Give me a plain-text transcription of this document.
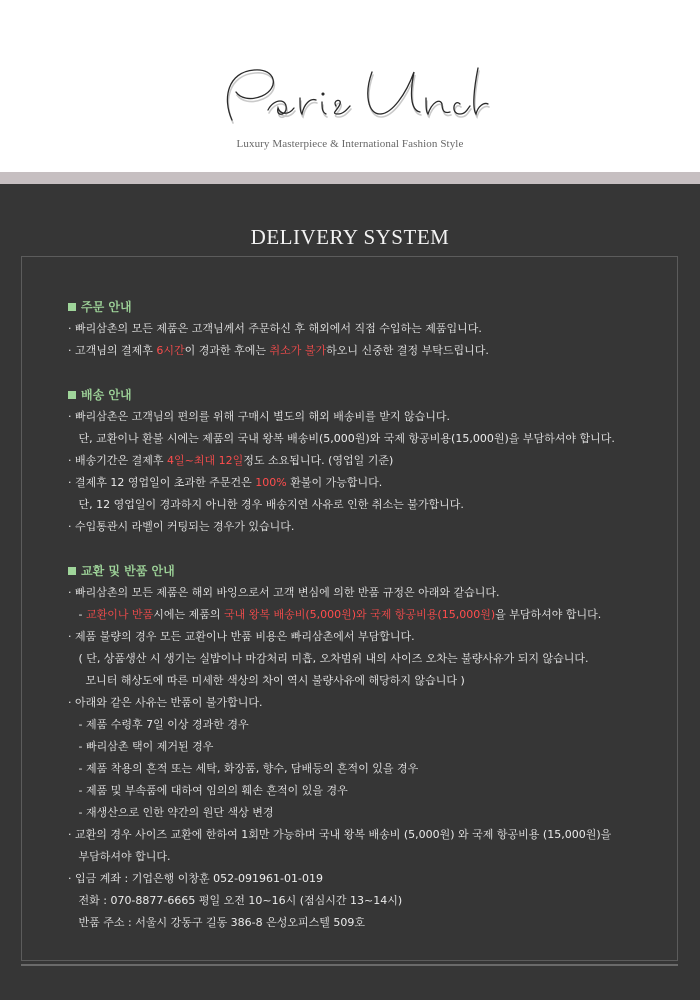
Luxury Masterpiece & International Fashion Style
DELIVERY SYSTEM
주문 안내
· 빠리삼촌의 모든 제품은 고객님께서 주문하신 후 해외에서 직접 수입하는 제품입니다.
· 고객님의 결제후 6시간이 경과한 후에는 취소가 불가하오니 신중한 결정 부탁드립니다.
배송 안내
· 빠리삼촌은 고객님의 편의를 위해 구매시 별도의 해외 배송비를 받지 않습니다.
단, 교환이나 환불 시에는 제품의 국내 왕복 배송비(5,000원)와 국제 항공비용(15,000원)을 부담하셔야 합니다.
· 배송기간은 결제후 4일~최대 12일정도 소요됩니다. (영업일 기준)
· 결제후 12 영업일이 초과한 주문건은 100% 환불이 가능합니다.
단, 12 영업일이 경과하지 아니한 경우 배송지연 사유로 인한 취소는 불가합니다.
· 수입통관시 라벨이 커팅되는 경우가 있습니다.
교환 및 반품 안내
· 빠리삼촌의 모든 제품은 해외 바잉으로서 고객 변심에 의한 반품 규정은 아래와 같습니다.
- 교환이나 반품시에는 제품의 국내 왕복 배송비(5,000원)와 국제 항공비용(15,000원)을 부담하셔야 합니다.
· 제품 불량의 경우 모든 교환이나 반품 비용은 빠리삼촌에서 부담합니다.
( 단, 상품생산 시 생기는 실밥이나 마감처리 미흡, 오차범위 내의 사이즈 오차는 불량사유가 되지 않습니다.
모니터 해상도에 따른 미세한 색상의 차이 역시 불량사유에 해당하지 않습니다 )
· 아래와 같은 사유는 반품이 불가합니다.
- 제품 수령후 7일 이상 경과한 경우
- 빠리삼촌 택이 제거된 경우
- 제품 착용의 흔적 또는 세탁, 화장품, 향수, 담배등의 흔적이 있을 경우
- 제품 및 부속품에 대하여 임의의 훼손 흔적이 있을 경우
- 재생산으로 인한 약간의 원단 색상 변경
· 교환의 경우 사이즈 교환에 한하여 1회만 가능하며 국내 왕복 배송비 (5,000원) 와 국제 항공비용 (15,000원)을
부담하셔야 합니다.
· 입금 계좌 : 기업은행 이창훈 052-091961-01-019
전화 : 070-8877-6665 평일 오전 10~16시 (점심시간 13~14시)
반품 주소 : 서울시 강동구 길동 386-8 은성오피스텔 509호
